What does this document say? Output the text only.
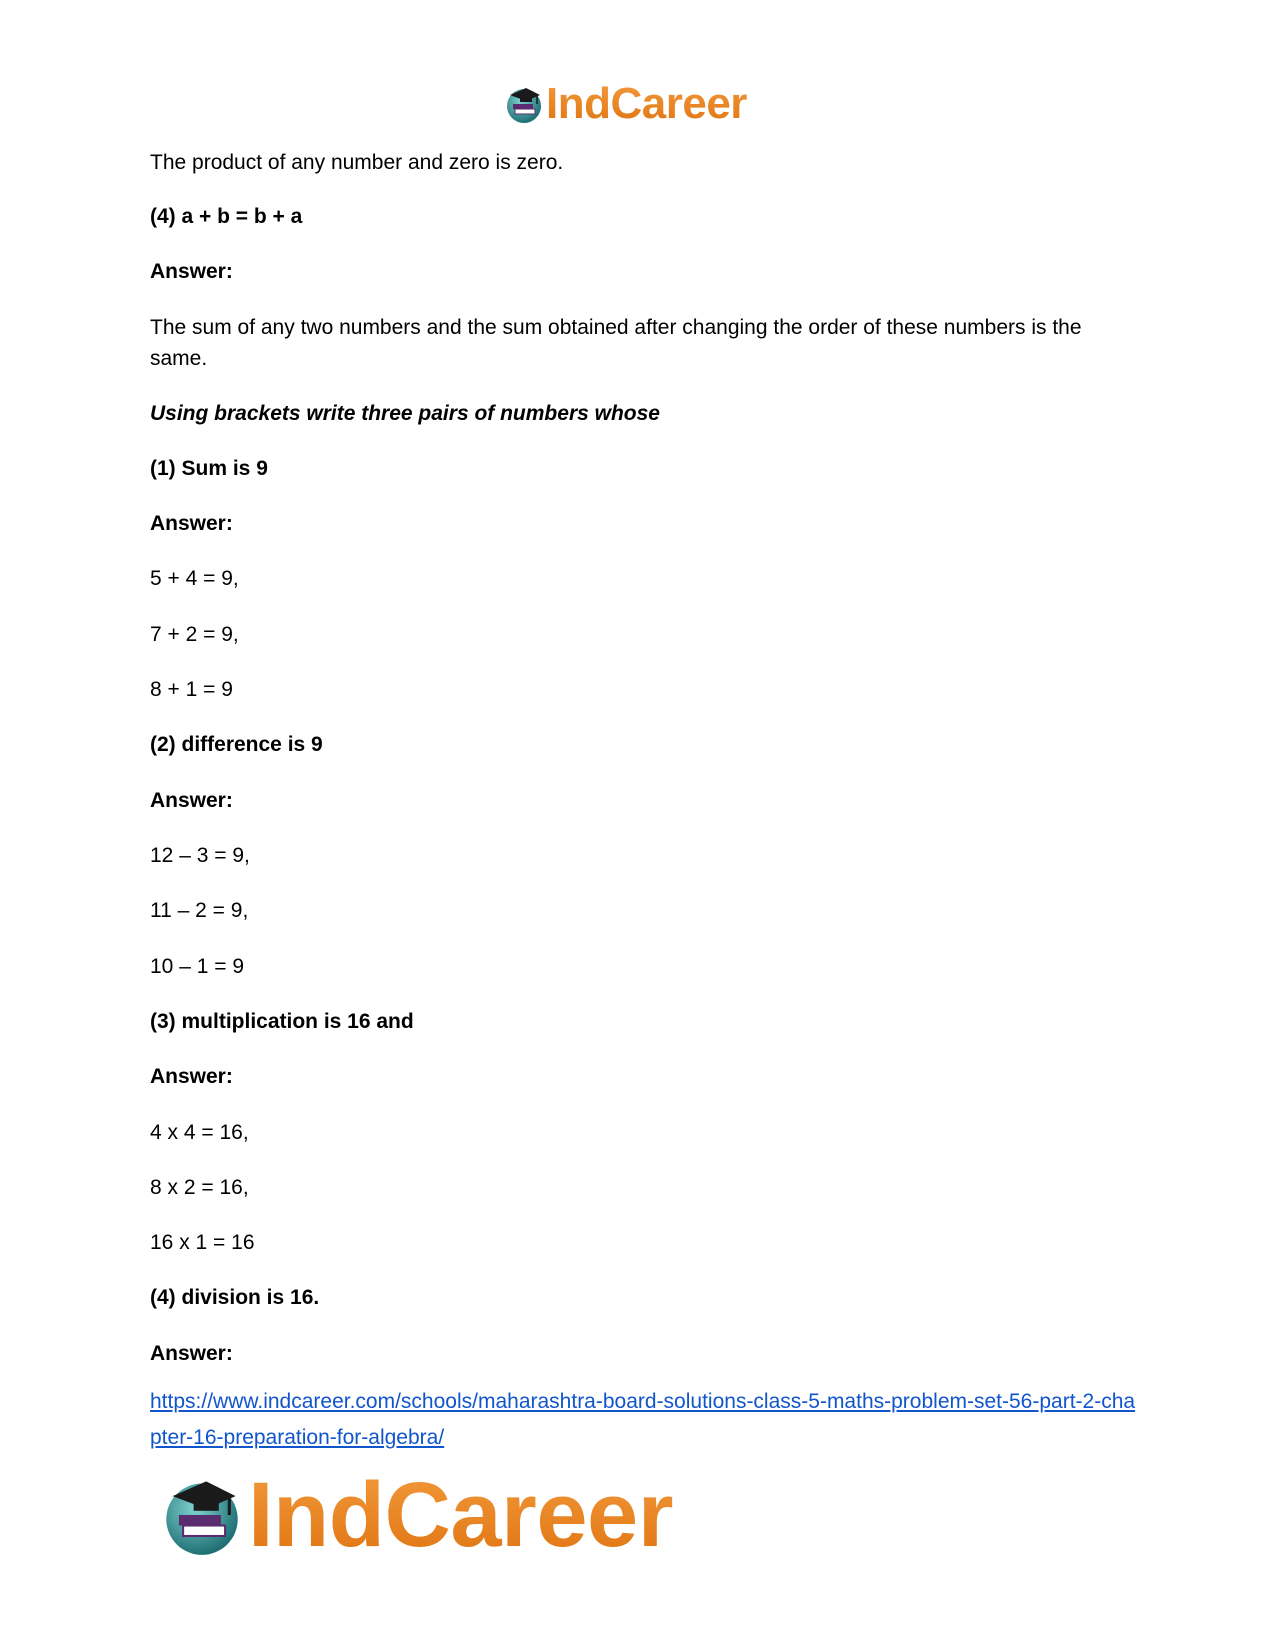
IndCareer

The product of any number and zero is zero.

(4) a + b = b + a

Answer:

The sum of any two numbers and the sum obtained after changing the order of these numbers is the same.

Using brackets write three pairs of numbers whose

(1) Sum is 9

Answer:

5 + 4 = 9,

7 + 2 = 9,

8 + 1 = 9

(2) difference is 9

Answer:

12 – 3 = 9,

11 – 2 = 9,

10 – 1 = 9

(3) multiplication is 16 and

Answer:

4 x 4 = 16,

8 x 2 = 16,

16 x 1 = 16

(4) division is 16.

Answer:

https://www.indcareer.com/schools/maharashtra-board-solutions-class-5-maths-problem-set-56-part-2-chapter-16-preparation-for-algebra/
IndCareer
